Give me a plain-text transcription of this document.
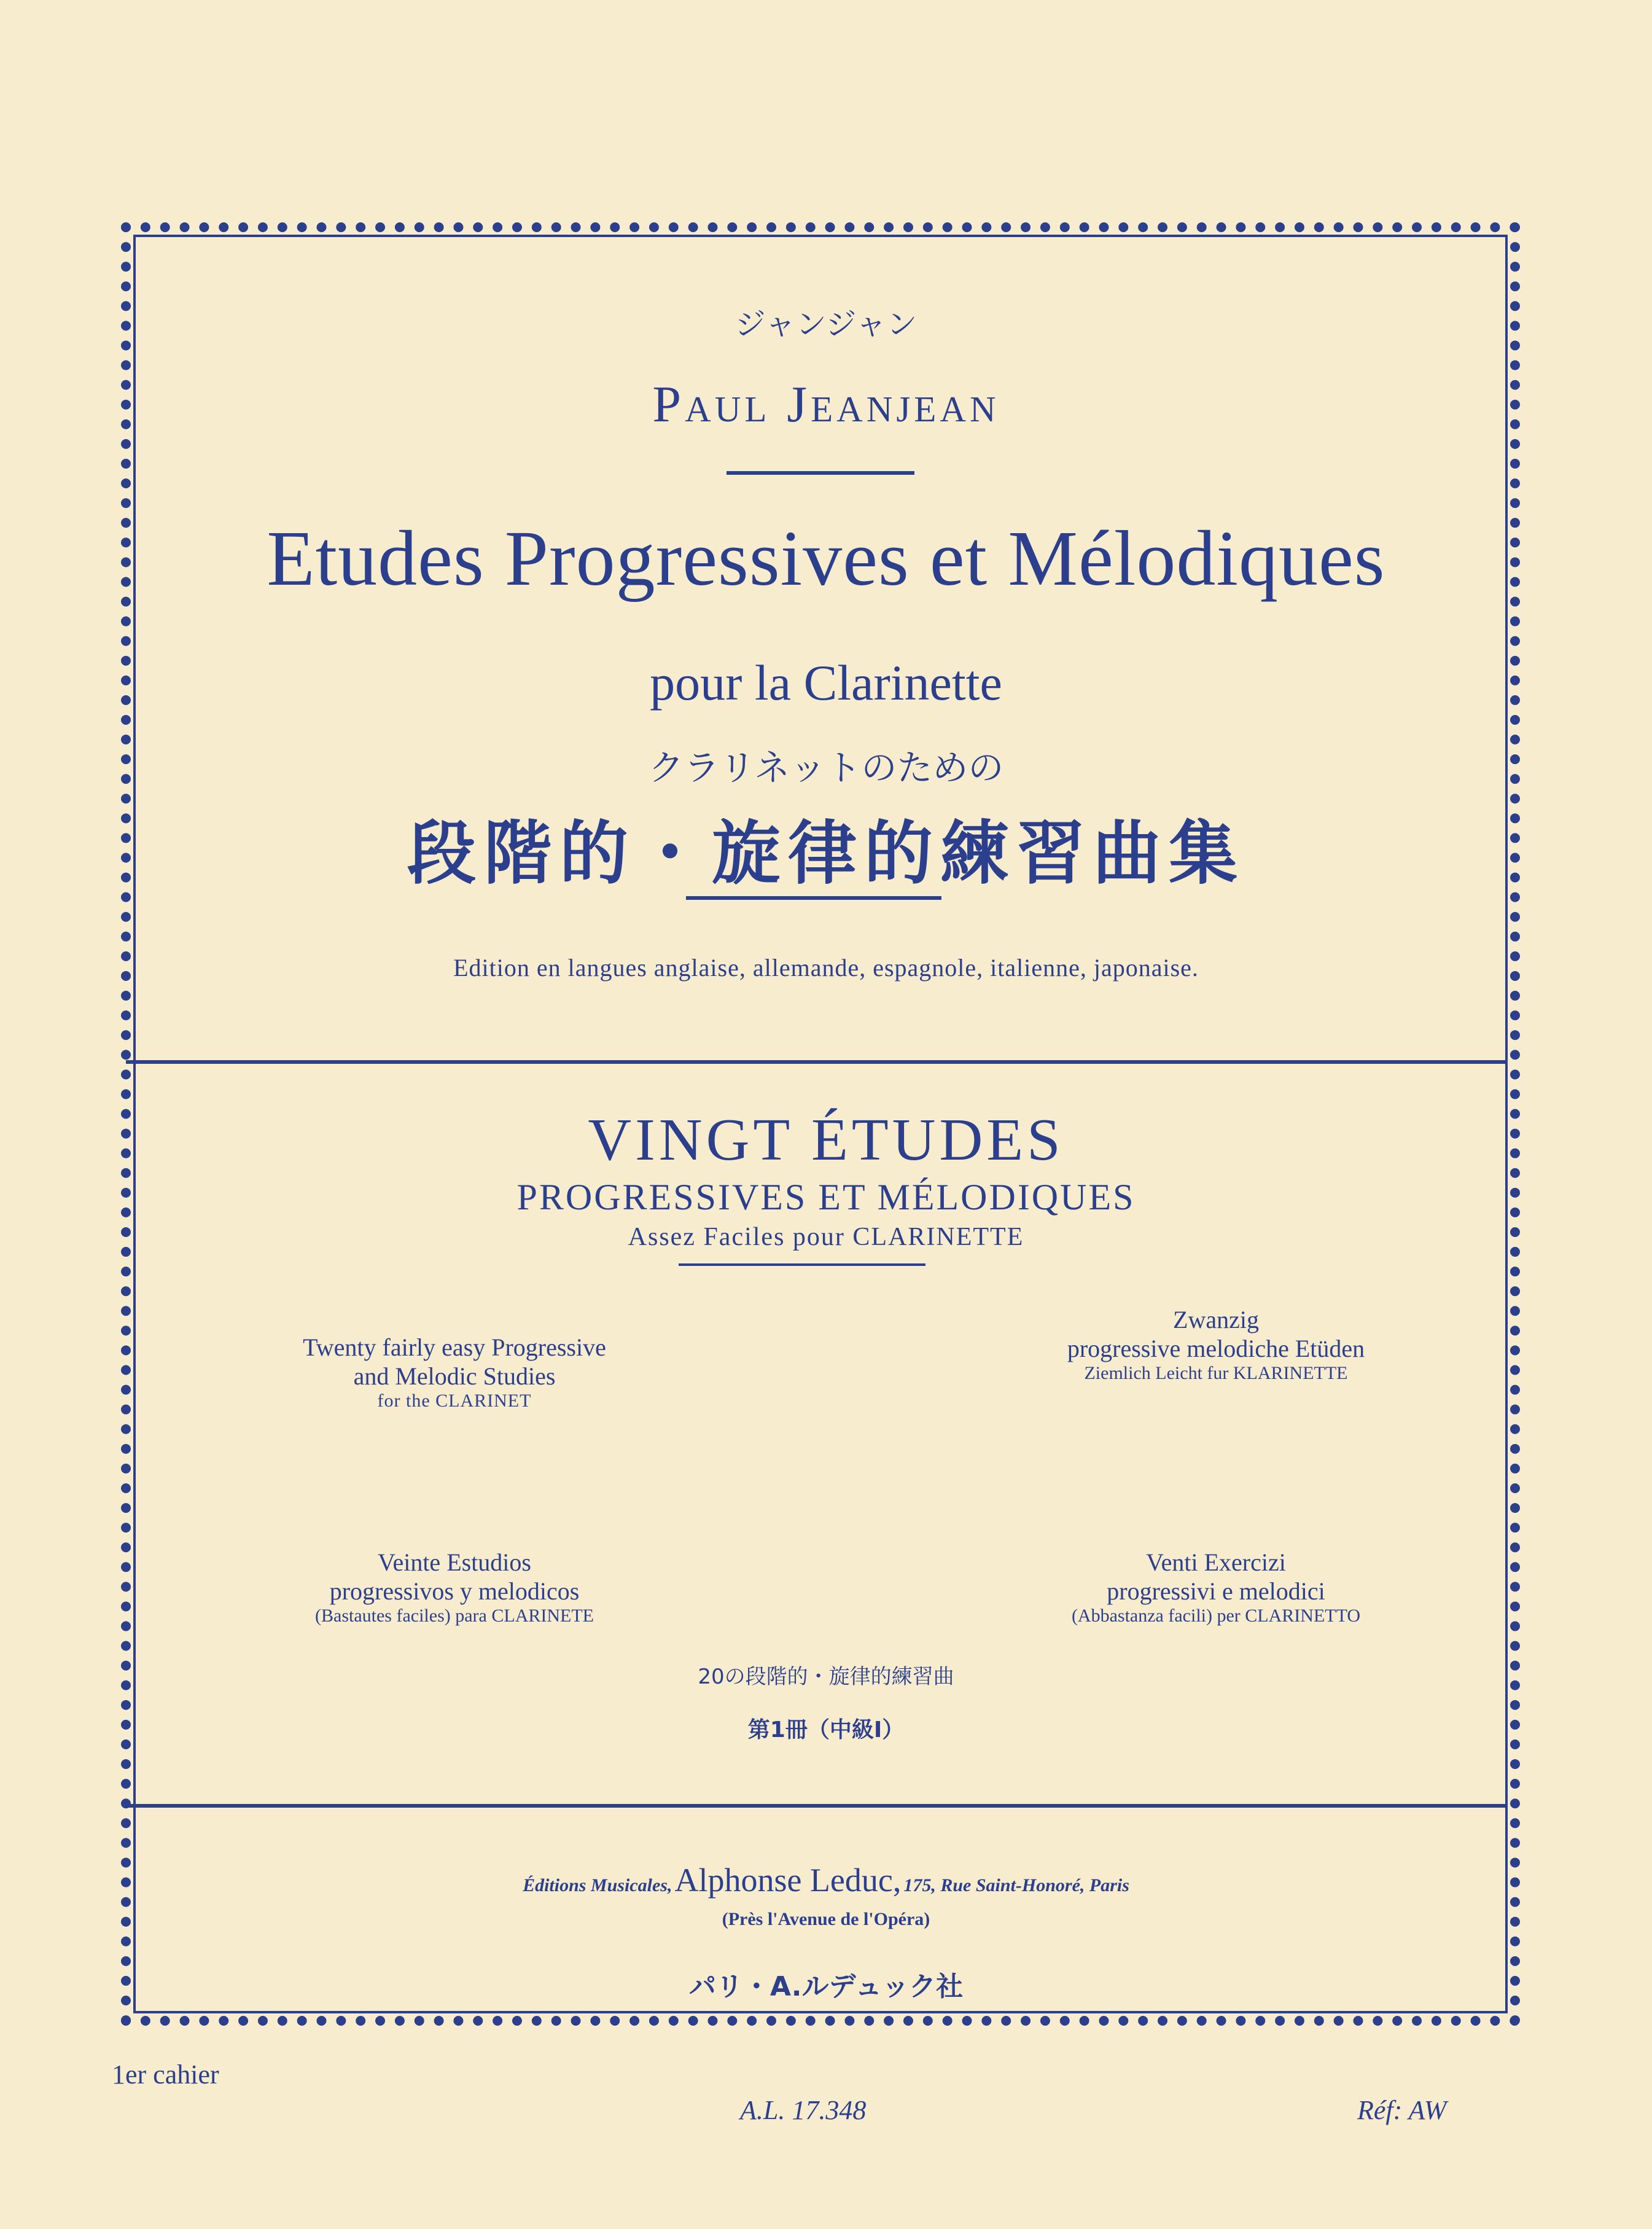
ジャンジャン
Paul Jeanjean
Etudes Progressives et Mélodiques
pour la Clarinette
クラリネットのための
段階的・旋律的練習曲集
Edition en langues anglaise, allemande, espagnole, italienne, japonaise.
VINGT ÉTUDES
PROGRESSIVES ET MÉLODIQUES
Assez Faciles pour CLARINETTE
Twenty fairly easy Progressive
and Melodic Studies
for the CLARINET
Zwanzig
progressive melodiche Etüden
Ziemlich Leicht fur KLARINETTE
Veinte Estudios
progressivos y melodicos
(Bastautes faciles) para CLARINETE
Venti Exercizi
progressivi e melodici
(Abbastanza facili) per CLARINETTO
20の段階的・旋律的練習曲
第1冊（中級Ⅰ）
Éditions Musicales, Alphonse Leduc, 175, Rue Saint-Honoré, Paris
(Près l'Avenue de l'Opéra)
パリ・A.ルデュック社
1er cahier
A.L. 17.348	Réf: AW
